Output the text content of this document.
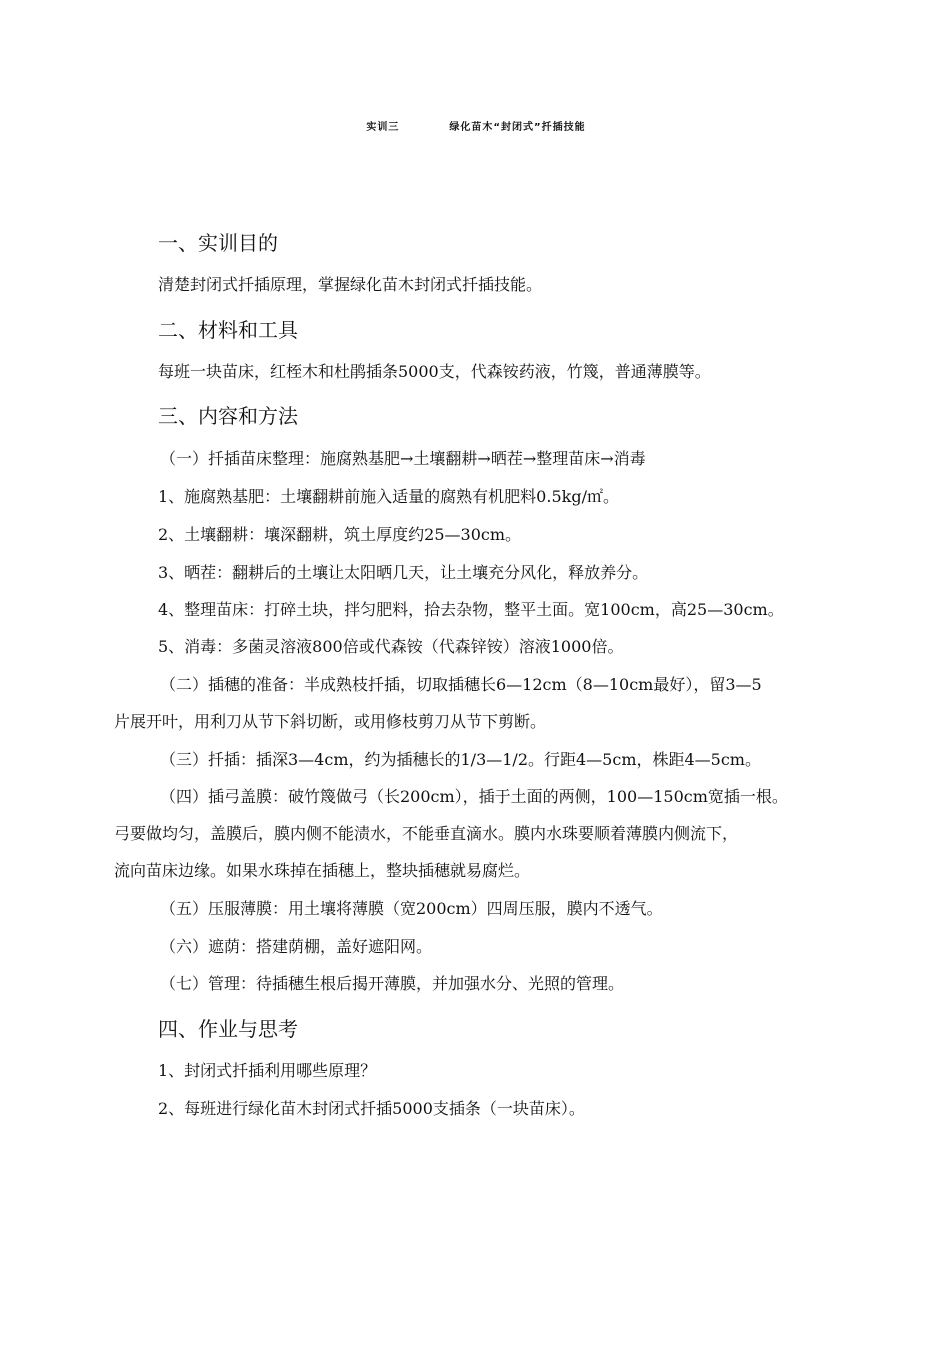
实训三	绿化苗木“封闭式”扦插技能
一、实训目的
清楚封闭式扦插原理，掌握绿化苗木封闭式扦插技能。
二、材料和工具
每班一块苗床，红桎木和杜鹃插条5000支，代森铵药液，竹篾，普通薄膜等。
三、内容和方法
（一）扦插苗床整理：施腐熟基肥→土壤翻耕→晒茬→整理苗床→消毒
1、施腐熟基肥：土壤翻耕前施入适量的腐熟有机肥料0.5kg/㎡。
2、土壤翻耕：壤深翻耕，筑土厚度约25—30cm。
3、晒茬：翻耕后的土壤让太阳晒几天，让土壤充分风化，释放养分。
4、整理苗床：打碎土块，拌匀肥料，拾去杂物，整平土面。宽100cm，高25—30cm。
5、消毒：多菌灵溶液800倍或代森铵（代森锌铵）溶液1000倍。
（二）插穗的准备：半成熟枝扦插，切取插穗长6—12cm（8—10cm最好），留3—5
片展开叶，用利刀从节下斜切断，或用修枝剪刀从节下剪断。
（三）扦插：插深3—4cm，约为插穗长的1/3—1/2。行距4—5cm，株距4—5cm。
（四）插弓盖膜：破竹篾做弓（长200cm），插于土面的两侧，100—150cm宽插一根。
弓要做均匀，盖膜后，膜内侧不能渍水，不能垂直滴水。膜内水珠要顺着薄膜内侧流下，
流向苗床边缘。如果水珠掉在插穗上，整块插穗就易腐烂。
（五）压服薄膜：用土壤将薄膜（宽200cm）四周压服，膜内不透气。
（六）遮荫：搭建荫棚，盖好遮阳网。
（七）管理：待插穗生根后揭开薄膜，并加强水分、光照的管理。
四、作业与思考
1、封闭式扦插利用哪些原理？
2、每班进行绿化苗木封闭式扦插5000支插条（一块苗床）。
